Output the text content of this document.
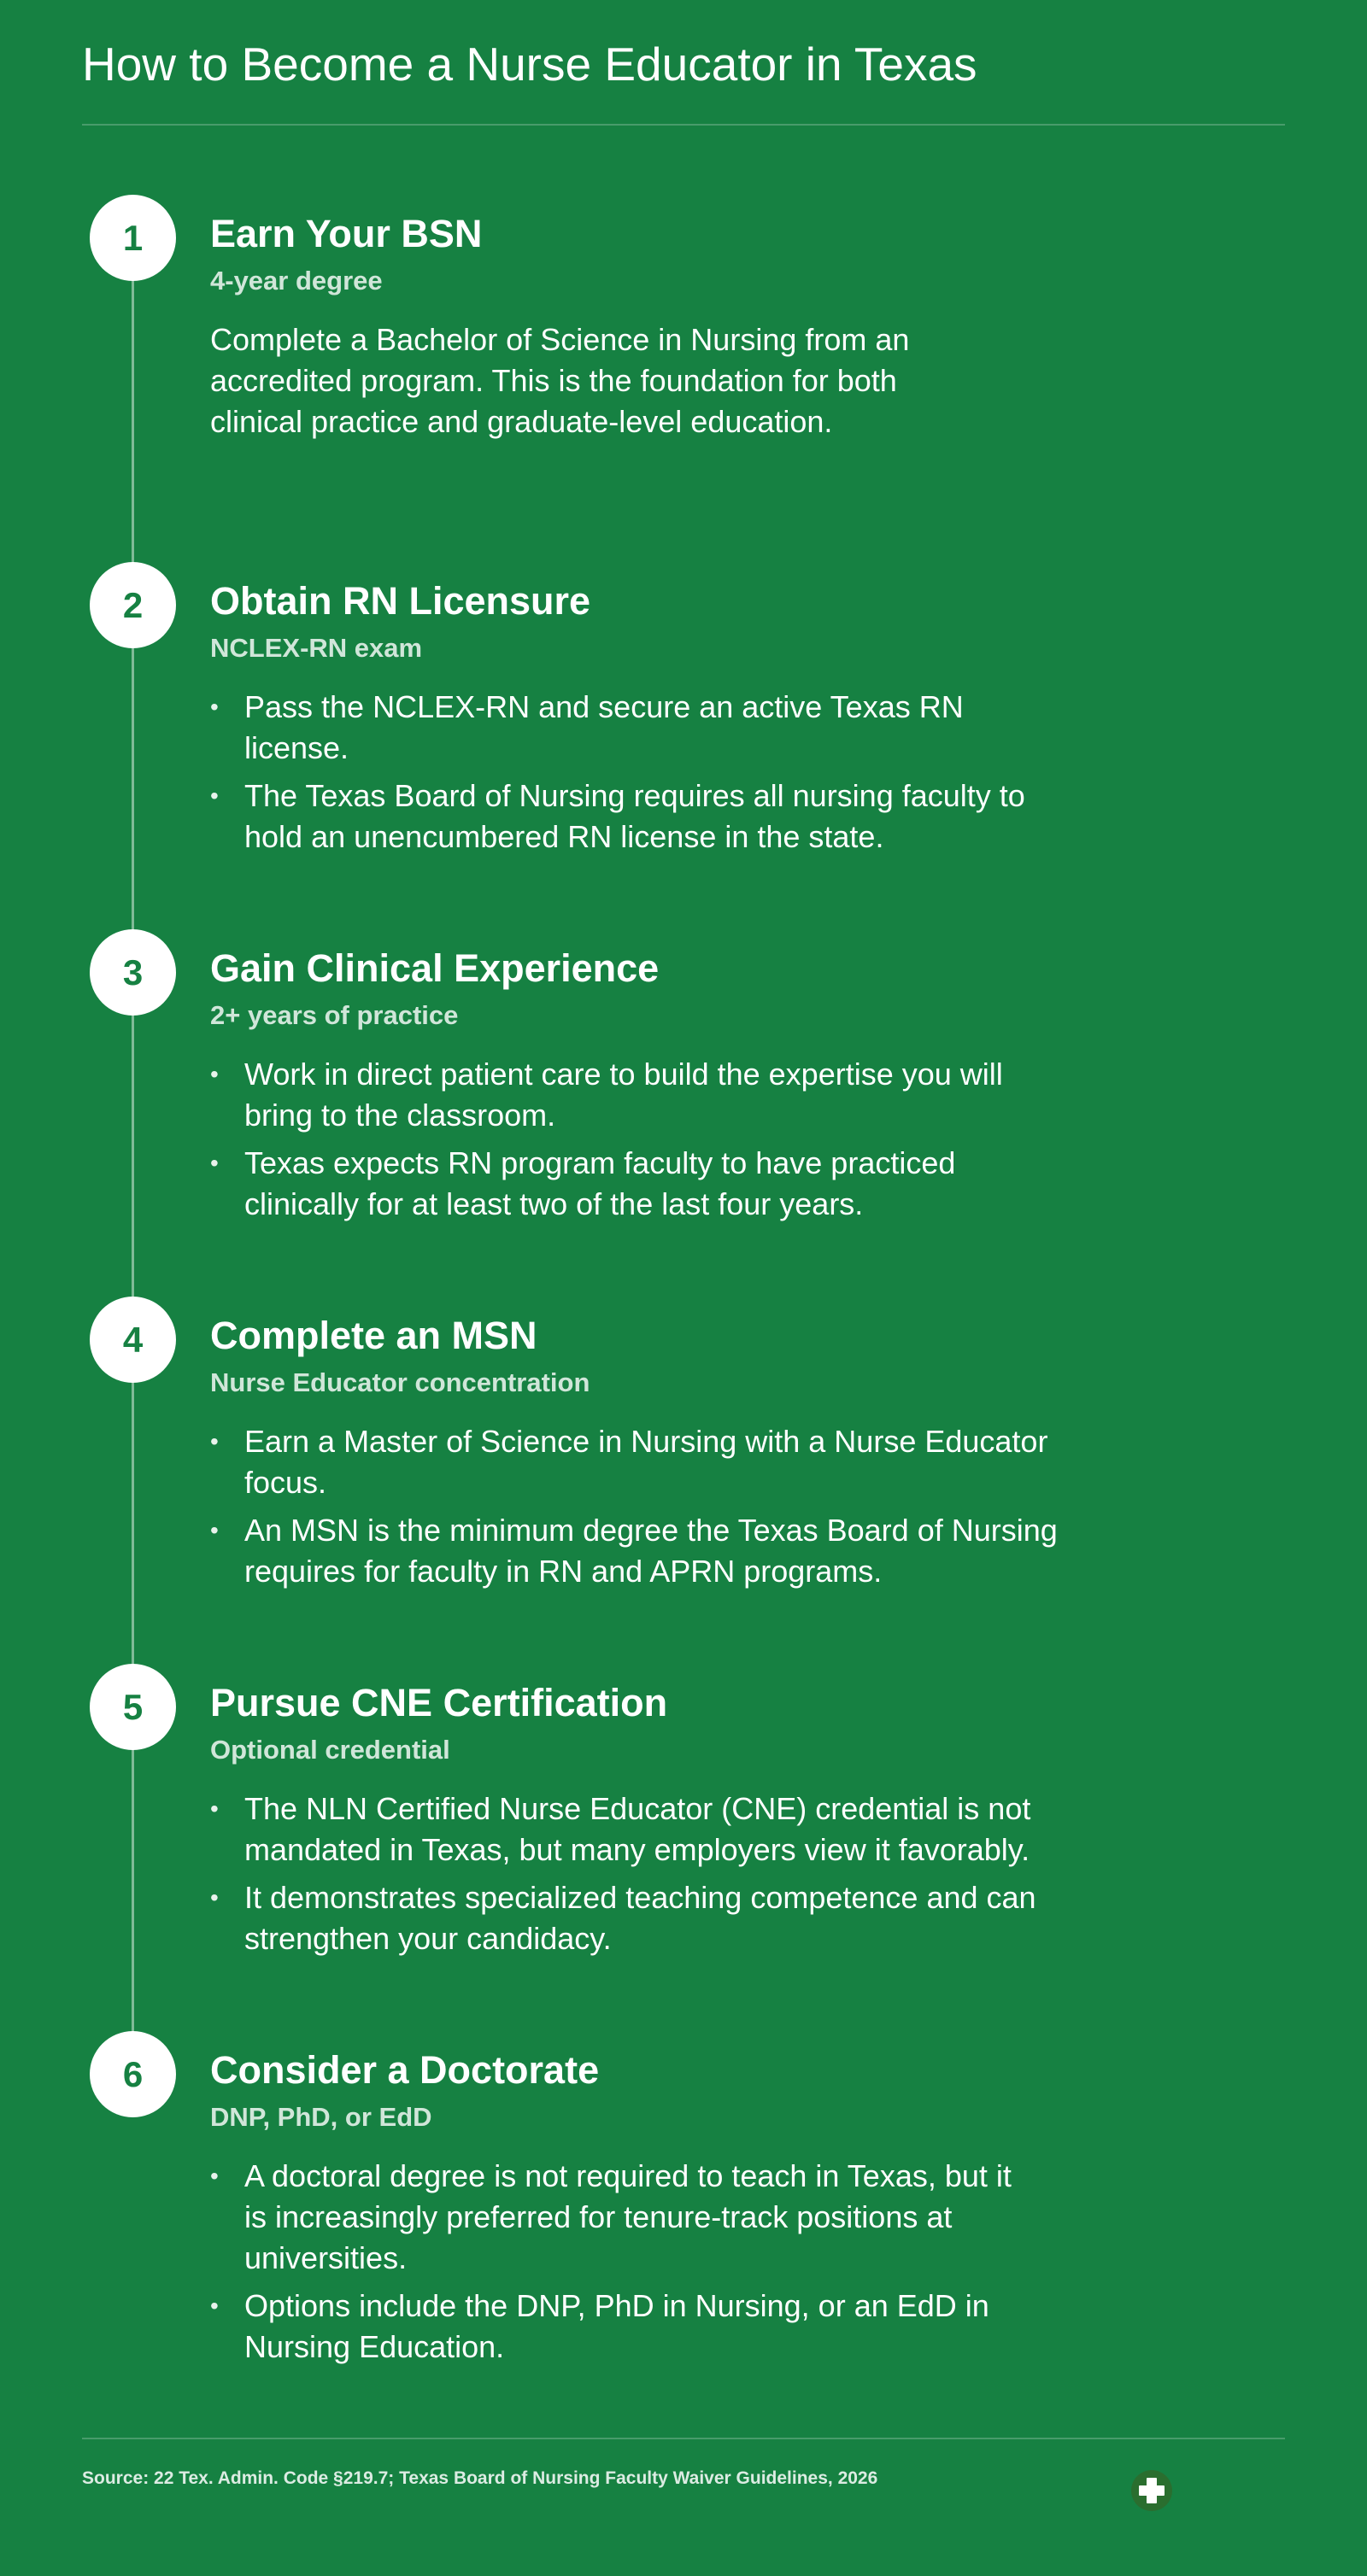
How to Become a Nurse Educator in Texas
1	Earn Your BSN
4-year degree
Complete a Bachelor of Science in Nursing from an accredited program. This is the foundation for both clinical practice and graduate-level education.
2	Obtain RN Licensure
NCLEX-RN exam
• Pass the NCLEX-RN and secure an active Texas RN license.
• The Texas Board of Nursing requires all nursing faculty to hold an unencumbered RN license in the state.
3	Gain Clinical Experience
2+ years of practice
• Work in direct patient care to build the expertise you will bring to the classroom.
• Texas expects RN program faculty to have practiced clinically for at least two of the last four years.
4	Complete an MSN
Nurse Educator concentration
• Earn a Master of Science in Nursing with a Nurse Educator focus.
• An MSN is the minimum degree the Texas Board of Nursing requires for faculty in RN and APRN programs.
5	Pursue CNE Certification
Optional credential
• The NLN Certified Nurse Educator (CNE) credential is not mandated in Texas, but many employers view it favorably.
• It demonstrates specialized teaching competence and can strengthen your candidacy.
6	Consider a Doctorate
DNP, PhD, or EdD
• A doctoral degree is not required to teach in Texas, but it is increasingly preferred for tenure-track positions at universities.
• Options include the DNP, PhD in Nursing, or an EdD in Nursing Education.
Source: 22 Tex. Admin. Code §219.7; Texas Board of Nursing Faculty Waiver Guidelines, 2026
